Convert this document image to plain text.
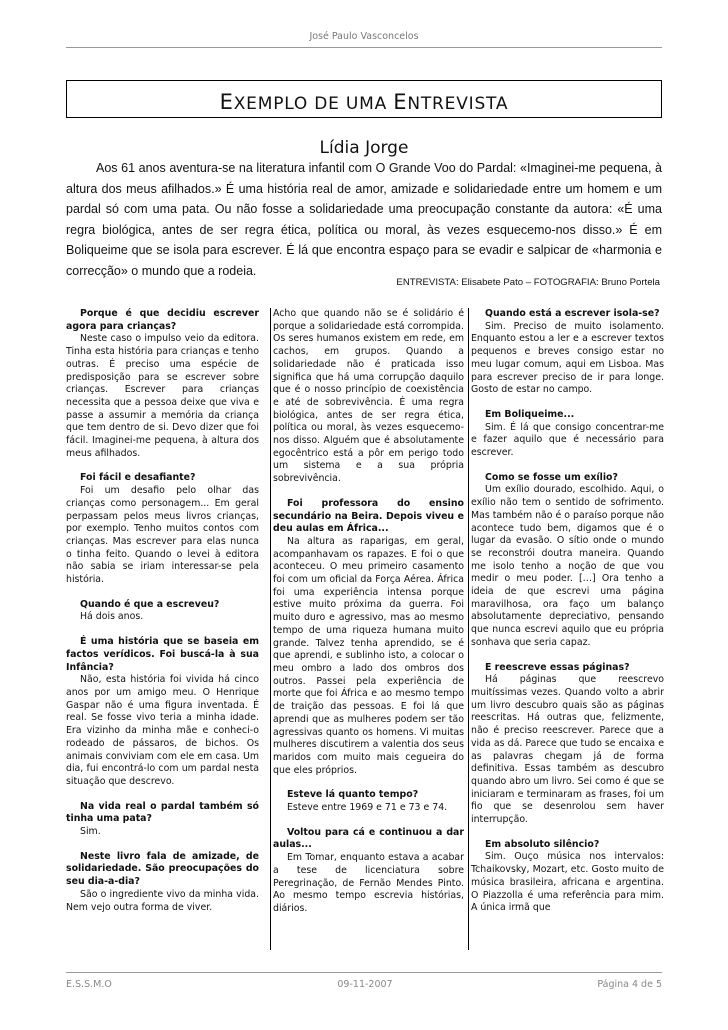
José Paulo Vasconcelos
EXEMPLO DE UMA ENTREVISTA
Lídia Jorge

Aos 61 anos aventura-se na literatura infantil com O Grande Voo do Pardal: «Imaginei-me pequena, à altura dos meus afilhados.» É uma história real de amor, amizade e solidariedade entre um homem e um pardal só com uma pata. Ou não fosse a solidariedade uma preocupação constante da autora: «É uma regra biológica, antes de ser regra ética, política ou moral, às vezes esquecemo-nos disso.» É em Boliqueime que se isola para escrever. É lá que encontra espaço para se evadir e salpicar de «harmonia e correcção» o mundo que a rodeia.

ENTREVISTA: Elisabete Pato – FOTOGRAFIA: Bruno Portela

Porque é que decidiu escrever agora para crianças?

Neste caso o impulso veio da editora. Tinha esta história para crianças e tenho outras. É preciso uma espécie de predisposição para se escrever sobre crianças. Escrever para crianças necessita que a pessoa deixe que viva e passe a assumir a memória da criança que tem dentro de si. Devo dizer que foi fácil. Imaginei-me pequena, à altura dos meus afilhados.

Foi fácil e desafiante?

Foi um desafio pelo olhar das crianças como personagem... Em geral perpassam pelos meus livros crianças, por exemplo. Tenho muitos contos com crianças. Mas escrever para elas nunca o tinha feito. Quando o levei à editora não sabia se iriam interessar-se pela história.

Quando é que a escreveu?

Há dois anos.

É uma história que se baseia em factos verídicos. Foi buscá-la à sua Infância?

Não, esta história foi vivida há cinco anos por um amigo meu. O Henrique Gaspar não é uma figura inventada. É real. Se fosse vivo teria a minha idade. Era vizinho da minha mãe e conheci-o rodeado de pássaros, de bichos. Os animais conviviam com ele em casa. Um dia, fui encontrá-lo com um pardal nesta situação que descrevo.

Na vida real o pardal também só tinha uma pata?

Sim.

Neste livro fala de amizade, de solidariedade. São preocupações do seu dia-a-dia?

São o ingrediente vivo da minha vida. Nem vejo outra forma de viver.

Acho que quando não se é solidário é porque a solidariedade está corrompida. Os seres humanos existem em rede, em cachos, em grupos. Quando a solidariedade não é praticada isso significa que há uma corrupção daquilo que é o nosso princípio de coexistência e até de sobrevivência. É uma regra biológica, antes de ser regra ética, política ou moral, às vezes esquecemo-nos disso. Alguém que é absolutamente egocêntrico está a pôr em perigo todo um sistema e a sua própria sobrevivência.

Foi professora do ensino secundário na Beira. Depois viveu e deu aulas em África...

Na altura as raparigas, em geral, acompanhavam os rapazes. E foi o que aconteceu. O meu primeiro casamento foi com um oficial da Força Aérea. África foi uma experiência intensa porque estive muito próxima da guerra. Foi muito duro e agressivo, mas ao mesmo tempo de uma riqueza humana muito grande. Talvez tenha aprendido, se é que aprendi, e sublinho isto, a colocar o meu ombro a lado dos ombros dos outros. Passei pela experiência de morte que foi África e ao mesmo tempo de traição das pessoas. E foi lá que aprendi que as mulheres podem ser tão agressivas quanto os homens. Vi muitas mulheres discutirem a valentia dos seus maridos com muito mais cegueira do que eles próprios.

Esteve lá quanto tempo?

Esteve entre 1969 e 71 e 73 e 74.

Voltou para cá e continuou a dar aulas...

Em Tomar, enquanto estava a acabar a tese de licenciatura sobre Peregrinação, de Fernão Mendes Pinto. Ao mesmo tempo escrevia histórias, diários.

Quando está a escrever isola-se?

Sim. Preciso de muito isolamento. Enquanto estou a ler e a escrever textos pequenos e breves consigo estar no meu lugar comum, aqui em Lisboa. Mas para escrever preciso de ir para longe. Gosto de estar no campo.

Em Boliqueime...

Sim. É lá que consigo concentrar-me e fazer aquilo que é necessário para escrever.

Como se fosse um exílio?

Um exílio dourado, escolhido. Aqui, o exílio não tem o sentido de sofrimento. Mas também não é o paraíso porque não acontece tudo bem, digamos que é o lugar da evasão. O sítio onde o mundo se reconstrói doutra maneira. Quando me isolo tenho a noção de que vou medir o meu poder. […] Ora tenho a ideia de que escrevi uma página maravilhosa, ora faço um balanço absolutamente depreciativo, pensando que nunca escrevi aquilo que eu própria sonhava que seria capaz.

E reescreve essas páginas?

Há páginas que reescrevo muitíssimas vezes. Quando volto a abrir um livro descubro quais são as páginas reescritas. Há outras que, felizmente, não é preciso reescrever. Parece que a vida as dá. Parece que tudo se encaixa e as palavras chegam já de forma definitiva. Essas também as descubro quando abro um livro. Sei como é que se iniciaram e terminaram as frases, foi um fio que se desenrolou sem haver interrupção.

Em absoluto silêncio?

Sim. Ouço música nos intervalos: Tchaikovsky, Mozart, etc. Gosto muito de música brasileira, africana e argentina. O Piazzolla é uma referência para mim. A única irmã que

E.S.S.M.O	09-11-2007	Página 4 de 5
